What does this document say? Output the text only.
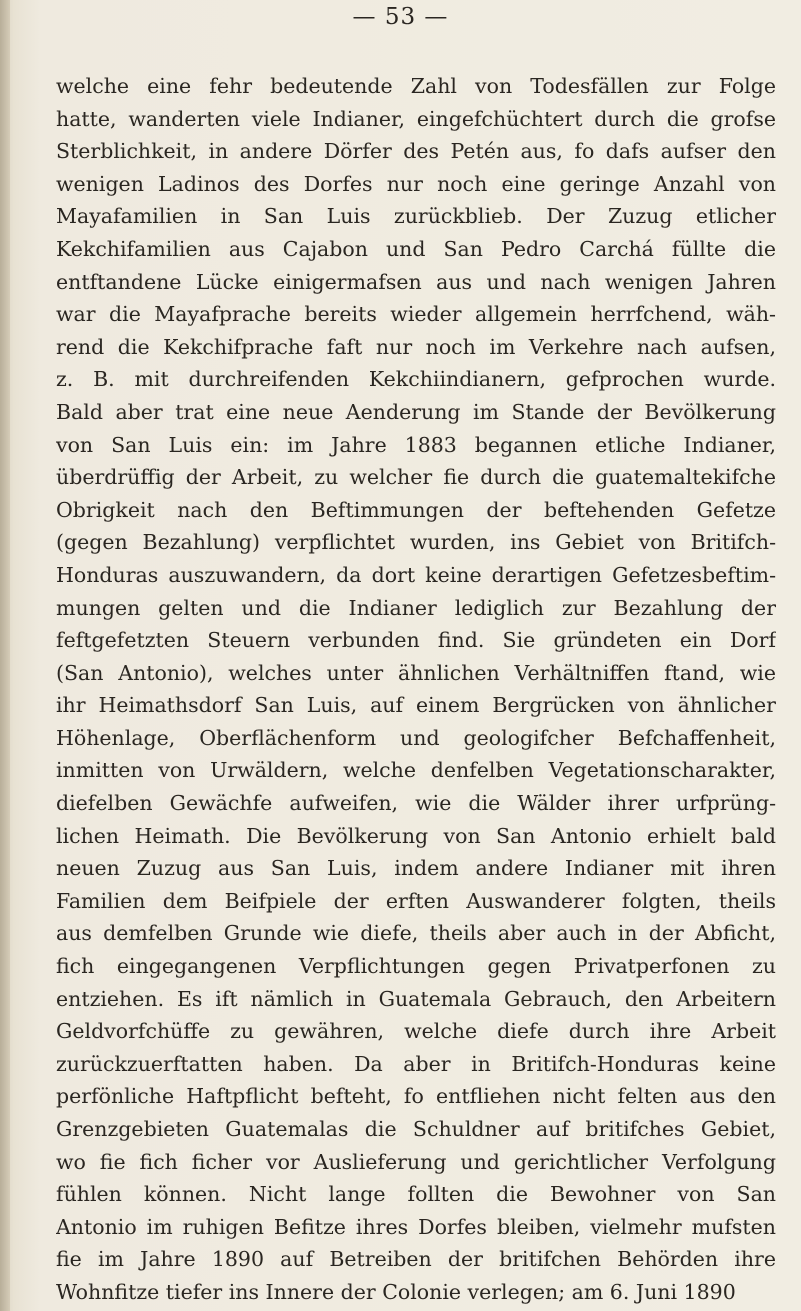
— 53 —
welche eine fehr bedeutende Zahl von Todesfällen zur Folge
hatte, wanderten viele Indianer, eingefchüchtert durch die grofse
Sterblichkeit, in andere Dörfer des Petén aus, fo dafs aufser den
wenigen Ladinos des Dorfes nur noch eine geringe Anzahl von
Mayafamilien in San Luis zurückblieb. Der Zuzug etlicher
Kekchifamilien aus Cajabon und San Pedro Carchá füllte die
entftandene Lücke einigermafsen aus und nach wenigen Jahren
war die Mayafprache bereits wieder allgemein herrfchend, wäh-
rend die Kekchifprache faft nur noch im Verkehre nach aufsen,
z. B. mit durchreifenden Kekchiindianern, gefprochen wurde.
Bald aber trat eine neue Aenderung im Stande der Bevölkerung
von San Luis ein: im Jahre 1883 begannen etliche Indianer,
überdrüffig der Arbeit, zu welcher fie durch die guatemaltekifche
Obrigkeit nach den Beftimmungen der beftehenden Gefetze
(gegen Bezahlung) verpflichtet wurden, ins Gebiet von Britifch-
Honduras auszuwandern, da dort keine derartigen Gefetzesbeftim-
mungen gelten und die Indianer lediglich zur Bezahlung der
feftgefetzten Steuern verbunden find. Sie gründeten ein Dorf
(San Antonio), welches unter ähnlichen Verhältniffen ftand, wie
ihr Heimathsdorf San Luis, auf einem Bergrücken von ähnlicher
Höhenlage, Oberflächenform und geologifcher Befchaffenheit,
inmitten von Urwäldern, welche denfelben Vegetationscharakter,
diefelben Gewächfe aufweifen, wie die Wälder ihrer urfprüng-
lichen Heimath. Die Bevölkerung von San Antonio erhielt bald
neuen Zuzug aus San Luis, indem andere Indianer mit ihren
Familien dem Beifpiele der erften Auswanderer folgten, theils
aus demfelben Grunde wie diefe, theils aber auch in der Abficht,
fich eingegangenen Verpflichtungen gegen Privatperfonen zu
entziehen. Es ift nämlich in Guatemala Gebrauch, den Arbeitern
Geldvorfchüffe zu gewähren, welche diefe durch ihre Arbeit
zurückzuerftatten haben. Da aber in Britifch-Honduras keine
perfönliche Haftpflicht befteht, fo entfliehen nicht felten aus den
Grenzgebieten Guatemalas die Schuldner auf britifches Gebiet,
wo fie fich ficher vor Auslieferung und gerichtlicher Verfolgung
fühlen können. Nicht lange follten die Bewohner von San
Antonio im ruhigen Befitze ihres Dorfes bleiben, vielmehr mufsten
fie im Jahre 1890 auf Betreiben der britifchen Behörden ihre
Wohnfitze tiefer ins Innere der Colonie verlegen; am 6. Juni 1890
